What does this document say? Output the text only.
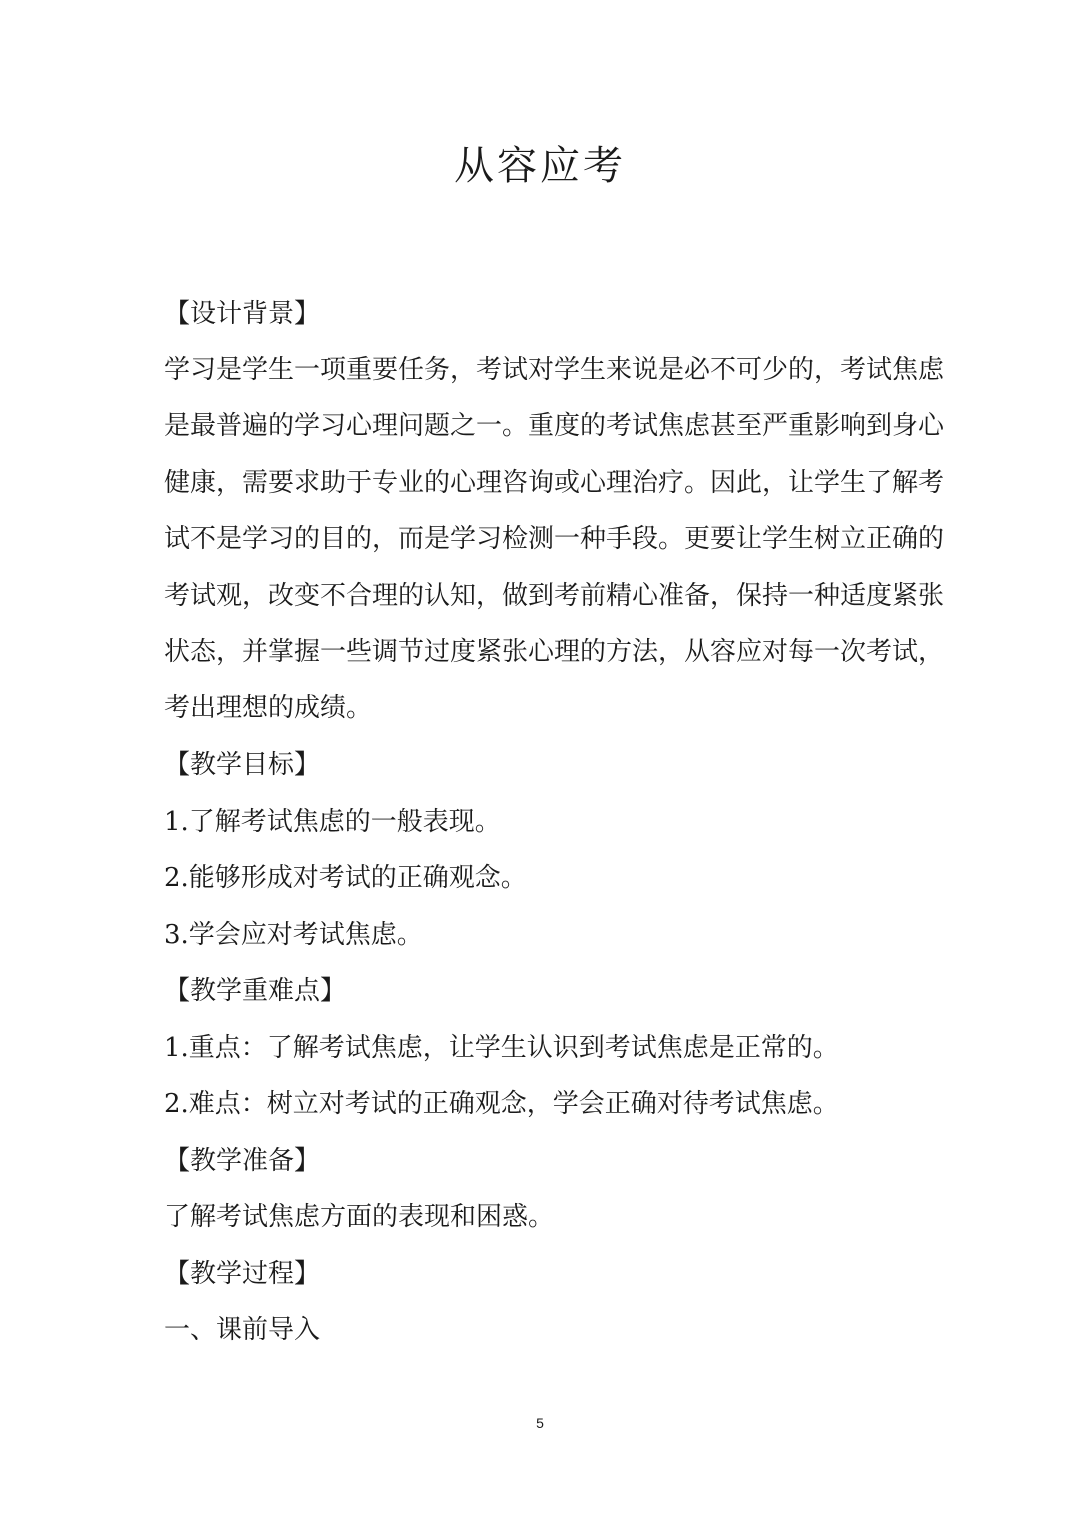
从容应考
【设计背景】
学习是学生一项重要任务，考试对学生来说是必不可少的，考试焦虑
是最普遍的学习心理问题之一。重度的考试焦虑甚至严重影响到身心
健康，需要求助于专业的心理咨询或心理治疗。因此，让学生了解考
试不是学习的目的，而是学习检测一种手段。更要让学生树立正确的
考试观，改变不合理的认知，做到考前精心准备，保持一种适度紧张
状态，并掌握一些调节过度紧张心理的方法，从容应对每一次考试，
考出理想的成绩。
【教学目标】
1.了解考试焦虑的一般表现。
2.能够形成对考试的正确观念。
3.学会应对考试焦虑。
【教学重难点】
1.重点：了解考试焦虑，让学生认识到考试焦虑是正常的。
2.难点：树立对考试的正确观念，学会正确对待考试焦虑。
【教学准备】
了解考试焦虑方面的表现和困惑。
【教学过程】
一、课前导入
5
